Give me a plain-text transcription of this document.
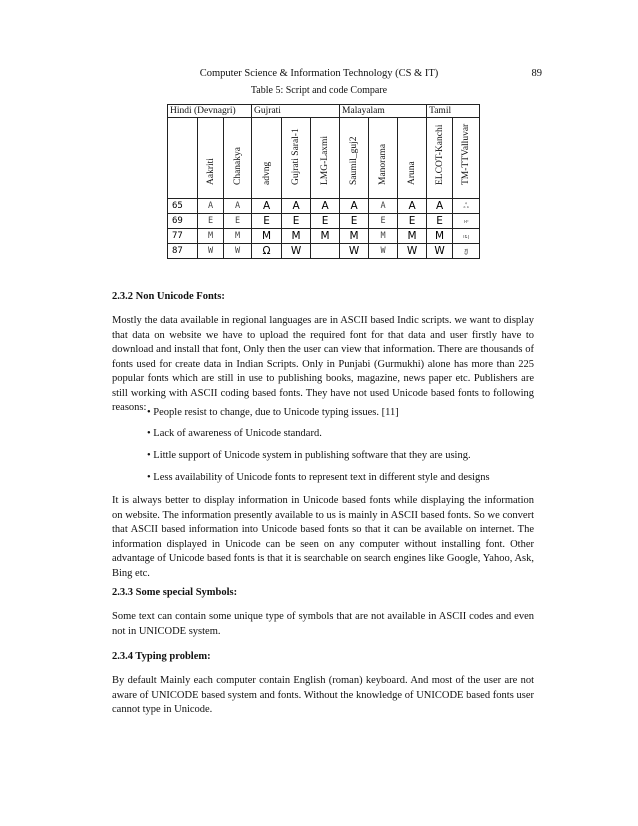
Computer Science & Information Technology (CS & IT)	89
Table 5: Script and code Compare
Hindi (Devnagri)			Gujrati			Malayalam			Tamil	

	Aakriti	Chanakya	advng	Gujrati Saral-1	LMG-Laxmi	Saumil_guj2	Manorama	Aruna	ELCOT-Kanchi	TM-TTValluvar

65	A	A	A	A	A	A	A	A	A	ஃ
69	E	E	E	E	E	E	E	E	E	ஈ
77	M	M	M	M	M	M	M	M	M	ஙு
87	W	W	Ω	W		W	W	W	W	ჟ
2.3.2 Non Unicode Fonts:
Mostly the data available in regional languages are in ASCII based Indic scripts. we want to display that data on website we have to upload the required font for that data and user firstly have to download and install that font, Only then the user can view that information. There are thousands of fonts used for create data in Indian Scripts. Only in Punjabi (Gurmukhi) alone has more than 225 popular fonts which are still in use to publishing books, magazine, news paper etc. Publishers are still working with ASCII coding based fonts. They have not used Unicode based fonts to following reasons: • People resist to change, due to Unicode typing issues. [11]
• Lack of awareness of Unicode standard.
• Little support of Unicode system in publishing software that they are using.
• Less availability of Unicode fonts to represent text in different style and designs
It is always better to display information in Unicode based fonts while displaying the information on website. The information presently available to us is mainly in ASCII based fonts. So we convert that ASCII based information into Unicode based fonts so that it can be available on internet. The information displayed in Unicode can be seen on any computer without installing font. Other advantage of Unicode based fonts is that it is searchable on search engines like Google, Yahoo, Ask, Bing etc.
2.3.3 Some special Symbols:
Some text can contain some unique type of symbols that are not available in ASCII codes and even not in UNICODE system.
2.3.4 Typing problem:
By default Mainly each computer contain English (roman) keyboard. And most of the user are not aware of UNICODE based system and fonts. Without the knowledge of UNICODE based fonts user cannot type in Unicode.
